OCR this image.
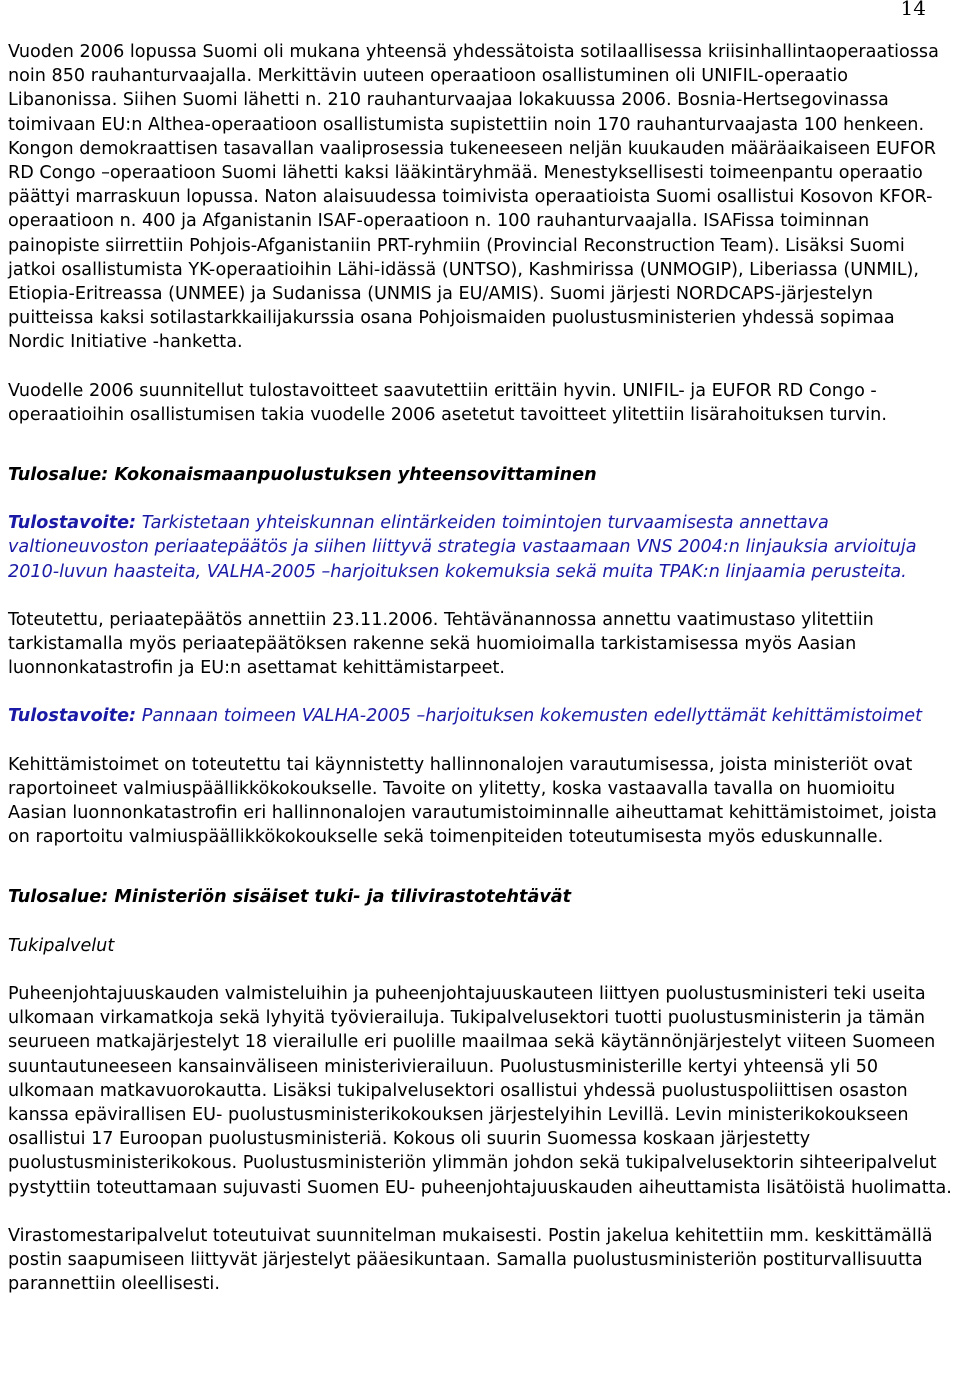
14

Vuoden 2006 lopussa Suomi oli mukana yhteensä yhdessätoista sotilaallisessa kriisinhallintaoperaatiossa noin 850 rauhanturvaajalla. Merkittävin uuteen operaatioon osallistuminen oli UNIFIL-operaatio Libanonissa. Siihen Suomi lähetti n. 210 rauhanturvaajaa lokakuussa 2006. Bosnia-Hertsegovinassa toimivaan EU:n Althea-operaatioon osallistumista supistettiin noin 170 rauhanturvaajasta 100 henkeen. Kongon demokraattisen tasavallan vaaliprosessia tukeneeseen neljän kuukauden määräaikaiseen EUFOR RD Congo –operaatioon Suomi lähetti kaksi lääkintäryhmää. Menestyksellisesti toimeenpantu operaatio päättyi marraskuun lopussa. Naton alaisuudessa toimivista operaatioista Suomi osallistui Kosovon KFOR-operaatioon n. 400 ja Afganistanin ISAF-operaatioon n. 100 rauhanturvaajalla. ISAFissa toiminnan painopiste siirrettiin Pohjois-Afganistaniin PRT-ryhmiin (Provincial Reconstruction Team). Lisäksi Suomi jatkoi osallistumista YK-operaatioihin Lähi-idässä (UNTSO), Kashmirissa (UNMOGIP), Liberiassa (UNMIL), Etiopia-Eritreassa (UNMEE) ja Sudanissa (UNMIS ja EU/AMIS). Suomi järjesti NORDCAPS-järjestelyn puitteissa kaksi sotilastarkkailijakurssia osana Pohjoismaiden puolustusministerien yhdessä sopimaa Nordic Initiative -hanketta.

Vuodelle 2006 suunnitellut tulostavoitteet saavutettiin erittäin hyvin. UNIFIL- ja EUFOR RD Congo -operaatioihin osallistumisen takia vuodelle 2006 asetetut tavoitteet ylitettiin lisärahoituksen turvin.

Tulosalue: Kokonaismaanpuolustuksen yhteensovittaminen

Tulostavoite: Tarkistetaan yhteiskunnan elintärkeiden toimintojen turvaamisesta annettava valtioneuvoston periaatepäätös ja siihen liittyvä strategia vastaamaan VNS 2004:n linjauksia arvioituja 2010-luvun haasteita, VALHA-2005 –harjoituksen kokemuksia sekä muita TPAK:n linjaamia perusteita.

Toteutettu, periaatepäätös annettiin 23.11.2006. Tehtävänannossa annettu vaatimustaso ylitettiin tarkistamalla myös periaatepäätöksen rakenne sekä huomioimalla tarkistamisessa myös Aasian luonnonkatastrofin ja EU:n asettamat kehittämistarpeet.

Tulostavoite: Pannaan toimeen VALHA-2005 –harjoituksen kokemusten edellyttämät kehittämistoimet

Kehittämistoimet on toteutettu tai käynnistetty hallinnonalojen varautumisessa, joista ministeriöt ovat raportoineet valmiuspäällikkökokoukselle. Tavoite on ylitetty, koska vastaavalla tavalla on huomioitu Aasian luonnonkatastrofin eri hallinnonalojen varautumistoiminnalle aiheuttamat kehittämistoimet, joista on raportoitu valmiuspäällikkökokoukselle sekä toimenpiteiden toteutumisesta myös eduskunnalle.

Tulosalue: Ministeriön sisäiset tuki- ja tilivirastotehtävät

Tukipalvelut

Puheenjohtajuuskauden valmisteluihin ja puheenjohtajuuskauteen liittyen puolustusministeri teki useita ulkomaan virkamatkoja sekä lyhyitä työvierailuja. Tukipalvelusektori tuotti puolustusministerin ja tämän seurueen matkajärjestelyt 18 vierailulle eri puolille maailmaa sekä käytännönjärjestelyt viiteen Suomeen suuntautuneeseen kansainväliseen ministerivierailuun. Puolustusministerille kertyi yhteensä yli 50 ulkomaan matkavuorokautta. Lisäksi tukipalvelusektori osallistui yhdessä puolustuspoliittisen osaston kanssa epävirallisen EU- puolustusministerikokouksen järjestelyihin Levillä. Levin ministerikokoukseen osallistui 17 Euroopan puolustusministeriä. Kokous oli suurin Suomessa koskaan järjestetty puolustusministerikokous. Puolustusministeriön ylimmän johdon sekä tukipalvelusektorin sihteeripalvelut pystyttiin toteuttamaan sujuvasti Suomen EU- puheenjohtajuuskauden aiheuttamista lisätöistä huolimatta.

Virastomestaripalvelut toteutuivat suunnitelman mukaisesti. Postin jakelua kehitettiin mm. keskittämällä postin saapumiseen liittyvät järjestelyt pääesikuntaan. Samalla puolustusministeriön postiturvallisuutta parannettiin oleellisesti.
